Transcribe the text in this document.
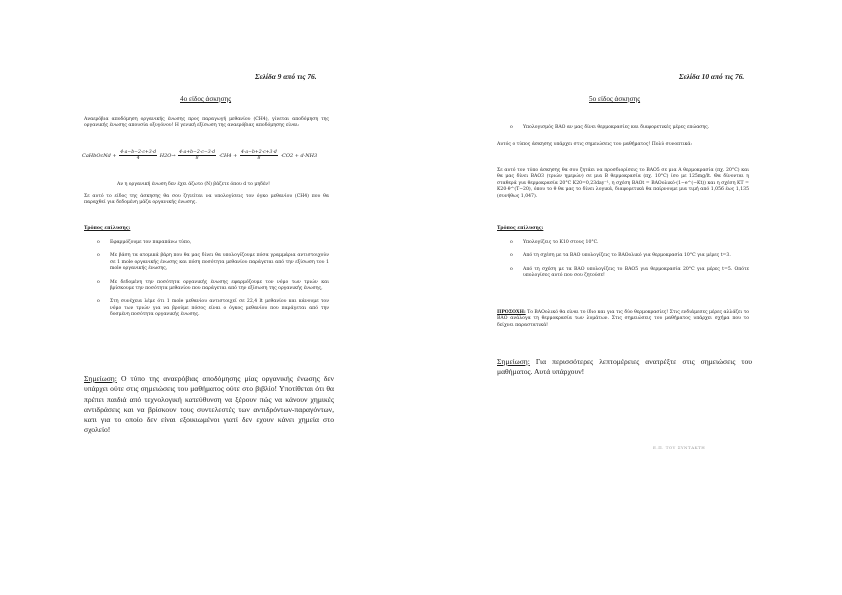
Σελίδα 9 από τις 76.
4ο είδος άσκησης

Αναερόβια αποδόμηση οργανικής ένωσης προς παραγωγή μεθανίου (CH4), γίνεται αποδόμηση της οργανικής ένωσης απουσία οξυγόνου! Η γενική εξίσωση της αναερόβιας αποδόμησης είναι:

CaHbOcNd + $\frac{4\cdot a-b-2\cdot c+3\cdot d}{4} H2O\to \frac{4\cdot a+b-2\cdot c-3\cdot d}{8} \cdot CH4 + \frac{4\cdot a-b+2\cdot c+3\cdot d}{8} \cdot CO2 + d\cdot NH3$

Αν η οργανική ένωση δεν έχει άζωτο (N) βάζετε όπου d το μηδέν!

Σε αυτό το είδος της άσκησης θα σου ζητείται να υπολογίσεις τον όγκο μεθανίου (CH4) που θα παραχθεί για δεδομένη μάζα οργανικής ένωσης.

Τρόπος επίλυσης:
o Εφαρμόζουμε τον παραπάνω τύπο,
o Με βάση τα ατομικά βάρη που θα μας δίνει θα υπολογίζουμε πόσα γραμμάρια αντιστοιχούν σε 1 mole οργανικής ένωσης και πόση ποσότητα μεθανίου παράγεται από την εξίσωση του 1 mole οργανικής ένωσης,
o Με δεδομένη την ποσότητα οργανικής ένωσης εφαρμόζουμε τον νόμο των τριών και βρίσκουμε την ποσότητα μεθανίου που παράγεται από την εξίσωση της οργανικής ένωσης,
o Στη συνέχεια λέμε ότι 1 mole μεθανίου αντιστοιχεί σε 22,4 lt μεθανίου και κάνουμε τον νόμο των τριών για να βρούμε πόσος είναι ο όγκος μεθανίου που παράγεται από την δοσμένη ποσότητα οργανικής ένωσης.

Σημείωση: Ο τύπο της αναερόβιας αποδόμησης μίας οργανικής ένωσης δεν υπάρχει ούτε στις σημειώσεις του μαθήματος ούτε στο βιβλίο! Υποτίθεται ότι θα πρέπει παιδιά από τεχνολογική κατεύθυνση να ξέρουν πώς να κάνουν χημικές αντιδράσεις και να βρίσκουν τους συντελεστές των αντιδρόντων-παραγόντων, κατι για το οποίο δεν είναι εξοικιωμένοι γιατί δεν εχουν κάνει χημεία στο σχολείο!

Σελίδα 10 από τις 76.
5ο είδος άσκησης
o Υπολογισμός BAO αν μας δίνει θερμοκρασίες και διαφορετικές μέρες επώασης.

Αυτός ο τύπος άσκησης υπάρχει στις σημειώσεις του μαθήματος! Πολύ συνοπτικά:

Σε αυτό τον τύπο άσκησης θα σου ζητάει να προσδιορίσεις το BAO5 σε μια A θερμοκρασία (πχ. 20°C) και θα μας δίνει BAO3 (τριών ημερών) σε μια B θερμοκρασία (πχ. 10°C) ίσο με 125mg/lt. Θα δίνονται η σταθερά για θερμοκρασία 20°C K20=0,23day⁻¹, η σχέση BAOt = BAOολικό·(1−e^(−Kt)) και η σχέση KT = K20·θ^(T−20), όπου το θ θα μας το δίνει λογικά, διαφορετικά θα παίρνουμε μια τιμή από 1,056 έως 1,135 (συνήθως 1,047).

Τρόπος επίλυσης:
o Υπολογίζεις το K10 στους 10°C.
o Από τη σχέση με τα BAO υπολογίζεις το BAOολικό για θερμοκρασία 10°C για μέρες t=3.
o Από τη σχέση με τα BAO υπολογίζεις το BAO5 για θερμοκρασία 20°C για μέρες t=5. Οπότε υπολογίσες αυτό που σου ζητούσε!

ΠΡΟΣΟΧΗ: Το BAOολικό θα είναι το ίδιο και για τις δύο θερμοκρασίες! Στις ενδιάμεσες μέρες αλλάζει το BAO ανάλογα τη θερμοκρασία των λυμάτων. Στις σημειώσεις του μαθήματος υπάρχει σχήμα που το δείχνει παραστατικά!

Σημείωση: Για περισσότερες λεπτομέρειες ανατρέξτε στις σημειώσεις του μαθήματος. Αυτά υπάρχουν!

Ε.Π. ΤΟΥ ΣΥΝΤΑΚΤΗ
